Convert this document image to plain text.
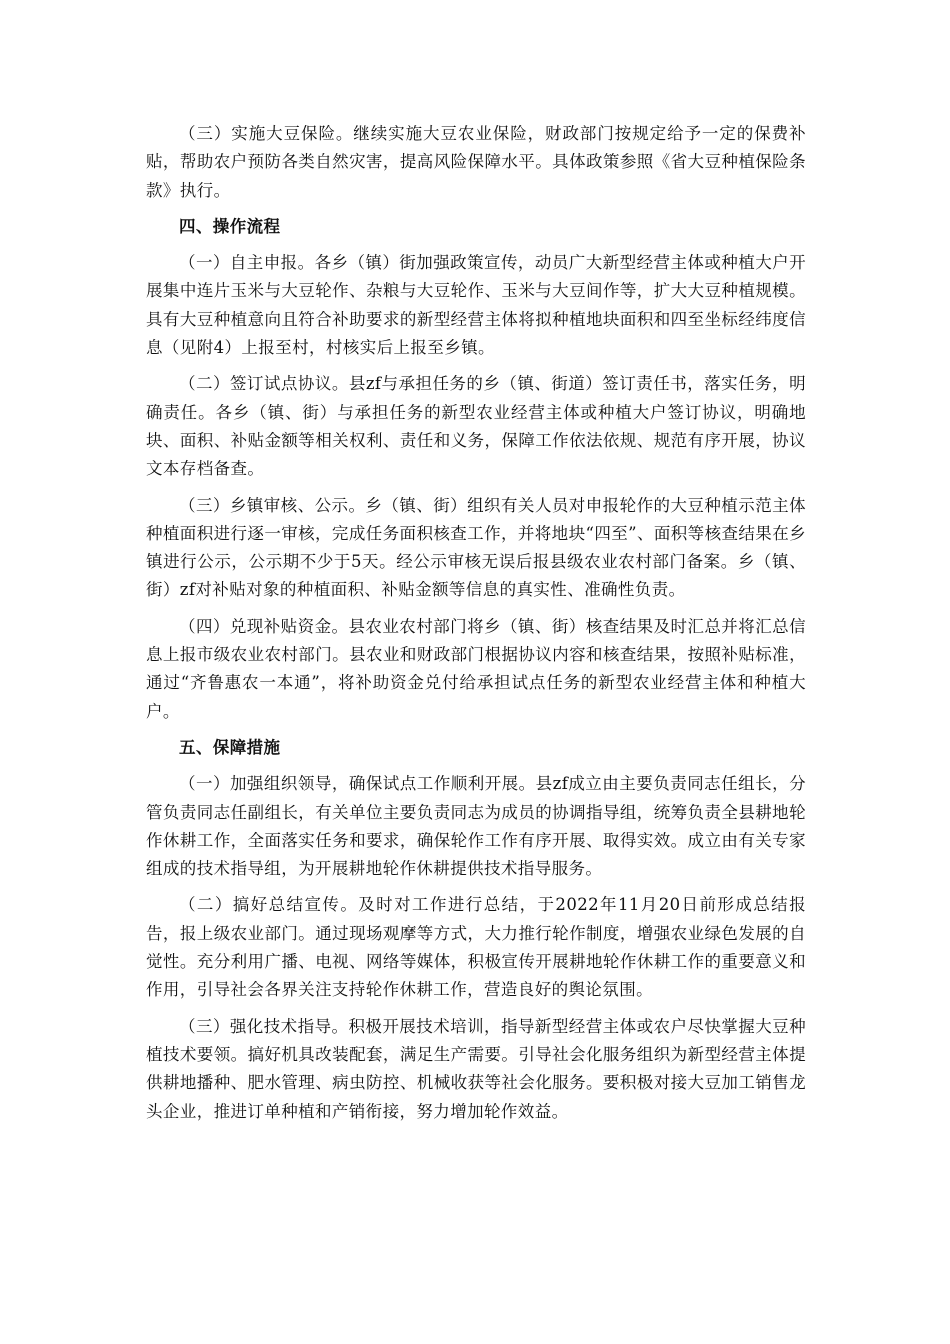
（三）实施大豆保险。继续实施大豆农业保险，财政部门按规定给予一定的保费补贴，帮助农户预防各类自然灾害，提高风险保障水平。具体政策参照《省大豆种植保险条款》执行。

四、操作流程

（一）自主申报。各乡（镇）街加强政策宣传，动员广大新型经营主体或种植大户开展集中连片玉米与大豆轮作、杂粮与大豆轮作、玉米与大豆间作等，扩大大豆种植规模。具有大豆种植意向且符合补助要求的新型经营主体将拟种植地块面积和四至坐标经纬度信息（见附4）上报至村，村核实后上报至乡镇。

（二）签订试点协议。县zf与承担任务的乡（镇、街道）签订责任书，落实任务，明确责任。各乡（镇、街）与承担任务的新型农业经营主体或种植大户签订协议，明确地块、面积、补贴金额等相关权利、责任和义务，保障工作依法依规、规范有序开展，协议文本存档备查。

（三）乡镇审核、公示。乡（镇、街）组织有关人员对申报轮作的大豆种植示范主体种植面积进行逐一审核，完成任务面积核查工作，并将地块“四至”、面积等核查结果在乡镇进行公示，公示期不少于5天。经公示审核无误后报县级农业农村部门备案。乡（镇、街）zf对补贴对象的种植面积、补贴金额等信息的真实性、准确性负责。

（四）兑现补贴资金。县农业农村部门将乡（镇、街）核查结果及时汇总并将汇总信息上报市级农业农村部门。县农业和财政部门根据协议内容和核查结果，按照补贴标准，通过“齐鲁惠农一本通”，将补助资金兑付给承担试点任务的新型农业经营主体和种植大户。

五、保障措施

（一）加强组织领导，确保试点工作顺利开展。县zf成立由主要负责同志任组长，分管负责同志任副组长，有关单位主要负责同志为成员的协调指导组，统筹负责全县耕地轮作休耕工作，全面落实任务和要求，确保轮作工作有序开展、取得实效。成立由有关专家组成的技术指导组，为开展耕地轮作休耕提供技术指导服务。

（二）搞好总结宣传。及时对工作进行总结，于2022年11月20日前形成总结报告，报上级农业部门。通过现场观摩等方式，大力推行轮作制度，增强农业绿色发展的自觉性。充分利用广播、电视、网络等媒体，积极宣传开展耕地轮作休耕工作的重要意义和作用，引导社会各界关注支持轮作休耕工作，营造良好的舆论氛围。

（三）强化技术指导。积极开展技术培训，指导新型经营主体或农户尽快掌握大豆种植技术要领。搞好机具改装配套，满足生产需要。引导社会化服务组织为新型经营主体提供耕地播种、肥水管理、病虫防控、机械收获等社会化服务。要积极对接大豆加工销售龙头企业，推进订单种植和产销衔接，努力增加轮作效益。
